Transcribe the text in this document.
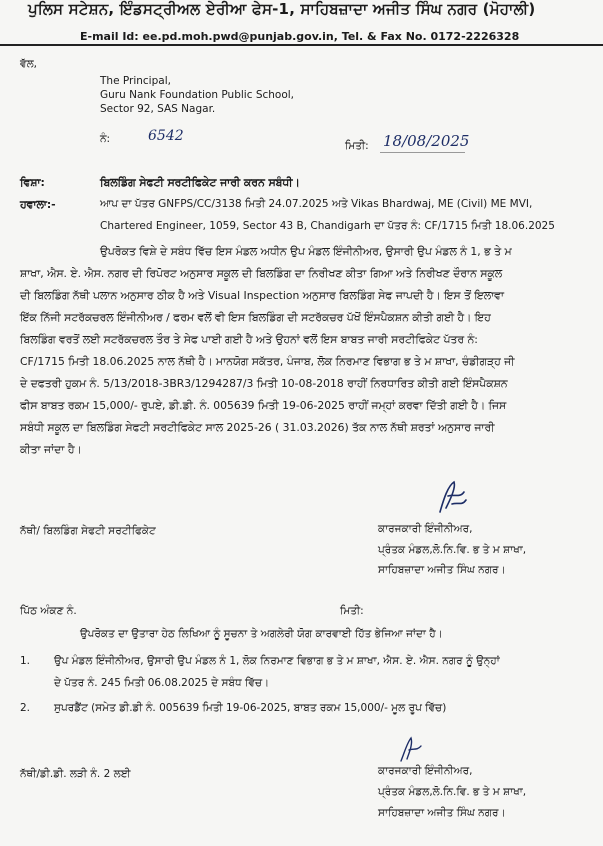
ਪੁਲਿਸ ਸਟੇਸ਼ਨ, ਇੰਡਸਟ੍ਰੀਅਲ ਏਰੀਆ ਫੇਸ-1, ਸਾਹਿਬਜ਼ਾਦਾ ਅਜੀਤ ਸਿੰਘ ਨਗਰ (ਮੋਹਾਲੀ)
E-mail Id: ee.pd.moh.pwd@punjab.gov.in, Tel. & Fax No. 0172-2226328
ਵੱਲ,
The Principal,
Guru Nank Foundation Public School,
Sector 92, SAS Nagar.
ਨੰ:	6542
ਮਿਤੀ: 18/08/2025
ਵਿਸ਼ਾ:	ਬਿਲਡਿੰਗ ਸੇਫਟੀ ਸਰਟੀਫਿਕੇਟ ਜਾਰੀ ਕਰਨ ਸਬੰਧੀ।
ਹਵਾਲਾ:-	ਆਪ ਦਾ ਪੱਤਰ GNFPS/CC/3138 ਮਿਤੀ 24.07.2025 ਅਤੇ Vikas Bhardwaj, ME (Civil) ME MVI,
Chartered Engineer, 1059, Sector 43 B, Chandigarh ਦਾ ਪੱਤਰ ਨੰ: CF/1715 ਮਿਤੀ 18.06.2025
ਉਪਰੋਕਤ ਵਿਸ਼ੇ ਦੇ ਸਬੰਧ ਵਿੱਚ ਇਸ ਮੰਡਲ ਅਧੀਨ ਉਪ ਮੰਡਲ ਇੰਜੀਨੀਅਰ, ਉਸਾਰੀ ਉਪ ਮੰਡਲ ਨੰ 1, ਭ ਤੇ ਮ
ਸ਼ਾਖਾ, ਐਸ. ਏ. ਐਸ. ਨਗਰ ਦੀ ਰਿਪੋਰਟ ਅਨੁਸਾਰ ਸਕੂਲ ਦੀ ਬਿਲਡਿੰਗ ਦਾ ਨਿਰੀਖਣ ਕੀਤਾ ਗਿਆ ਅਤੇ ਨਿਰੀਖਣ ਦੌਰਾਨ ਸਕੂਲ
ਦੀ ਬਿਲਡਿੰਗ ਨੱਥੀ ਪਲਾਨ ਅਨੁਸਾਰ ਠੀਕ ਹੈ ਅਤੇ Visual Inspection ਅਨੁਸਾਰ ਬਿਲਡਿੰਗ ਸੇਫ ਜਾਪਦੀ ਹੈ। ਇਸ ਤੋਂ ਇਲਾਵਾ
ਇੱਕ ਨਿੱਜੀ ਸਟਰੱਕਚਰਲ ਇੰਜੀਨੀਅਰ / ਫਰਮ ਵਲੋਂ ਵੀ ਇਸ ਬਿਲਡਿੰਗ ਦੀ ਸਟਰੱਕਚਰ ਪੱਖੋਂ ਇੰਸਪੈਕਸ਼ਨ ਕੀਤੀ ਗਈ ਹੈ। ਇਹ
ਬਿਲਡਿੰਗ ਵਰਤੋਂ ਲਈ ਸਟਰੱਕਚਰਲ ਤੌਰ ਤੇ ਸੇਫ ਪਾਈ ਗਈ ਹੈ ਅਤੇ ਉਹਨਾਂ ਵਲੋਂ ਇਸ ਬਾਬਤ ਜਾਰੀ ਸਰਟੀਫਿਕੇਟ ਪੱਤਰ ਨੰ:
CF/1715 ਮਿਤੀ 18.06.2025 ਨਾਲ ਨੱਥੀ ਹੈ। ਮਾਨਯੋਗ ਸਕੱਤਰ, ਪੰਜਾਬ, ਲੋਕ ਨਿਰਮਾਣ ਵਿਭਾਗ ਭ ਤੇ ਮ ਸ਼ਾਖਾ, ਚੰਡੀਗੜ੍ਹ ਜੀ
ਦੇ ਦਫਤਰੀ ਹੁਕਮ ਨੰ. 5/13/2018-3BR3/1294287/3 ਮਿਤੀ 10-08-2018 ਰਾਹੀਂ ਨਿਰਧਾਰਿਤ ਕੀਤੀ ਗਈ ਇੰਸਪੈਕਸ਼ਨ
ਫੀਸ ਬਾਬਤ ਰਕਮ 15,000/- ਰੁਪਏ, ਡੀ.ਡੀ. ਨੰ. 005639 ਮਿਤੀ 19-06-2025 ਰਾਹੀਂ ਜਮ੍ਹਾਂ ਕਰਵਾ ਦਿੱਤੀ ਗਈ ਹੈ। ਜਿਸ
ਸਬੰਧੀ ਸਕੂਲ ਦਾ ਬਿਲਡਿੰਗ ਸੇਫਟੀ ਸਰਟੀਫਿਕੇਟ ਸਾਲ 2025-26 ( 31.03.2026) ਤੱਕ ਨਾਲ ਨੱਥੀ ਸ਼ਰਤਾਂ ਅਨੁਸਾਰ ਜਾਰੀ
ਕੀਤਾ ਜਾਂਦਾ ਹੈ।
ਨੱਥੀ/ ਬਿਲਡਿੰਗ ਸੇਫਟੀ ਸਰਟੀਫਿਕੇਟ	ਕਾਰਜਕਾਰੀ ਇੰਜੀਨੀਅਰ,
ਪ੍ਰੰਤਕ ਮੰਡਲ,ਲੋ.ਨਿ.ਵਿ. ਭ ਤੇ ਮ ਸ਼ਾਖਾ,
ਸਾਹਿਬਜ਼ਾਦਾ ਅਜੀਤ ਸਿੰਘ ਨਗਰ।
ਪਿੱਠ ਅੰਕਣ ਨੰ.	ਮਿਤੀ:
ਉਪਰੋਕਤ ਦਾ ਉਤਾਰਾ ਹੇਠ ਲਿਖਿਆ ਨੂੰ ਸੂਚਨਾ ਤੇ ਅਗਲੇਰੀ ਯੋਗ ਕਾਰਵਾਈ ਹਿੱਤ ਭੇਜਿਆ ਜਾਂਦਾ ਹੈ।
1. ਉਪ ਮੰਡਲ ਇੰਜੀਨੀਅਰ, ਉਸਾਰੀ ਉਪ ਮੰਡਲ ਨੰ 1, ਲੋਕ ਨਿਰਮਾਣ ਵਿਭਾਗ ਭ ਤੇ ਮ ਸ਼ਾਖਾ, ਐਸ. ਏ. ਐਸ. ਨਗਰ ਨੂੰ ਉਨ੍ਹਾਂ
ਦੇ ਪੱਤਰ ਨੰ. 245 ਮਿਤੀ 06.08.2025 ਦੇ ਸਬੰਧ ਵਿੱਚ।
2. ਸੁਪਰਡੈਂਟ (ਸਮੇਤ ਡੀ.ਡੀ ਨੰ. 005639 ਮਿਤੀ 19-06-2025, ਬਾਬਤ ਰਕਮ 15,000/- ਮੂਲ ਰੂਪ ਵਿੱਚ)
ਨੱਥੀ/ਡੀ.ਡੀ. ਲੜੀ ਨੰ. 2 ਲਈ	ਕਾਰਜਕਾਰੀ ਇੰਜੀਨੀਅਰ,
ਪ੍ਰੰਤਕ ਮੰਡਲ,ਲੋ.ਨਿ.ਵਿ. ਭ ਤੇ ਮ ਸ਼ਾਖਾ,
ਸਾਹਿਬਜ਼ਾਦਾ ਅਜੀਤ ਸਿੰਘ ਨਗਰ।
